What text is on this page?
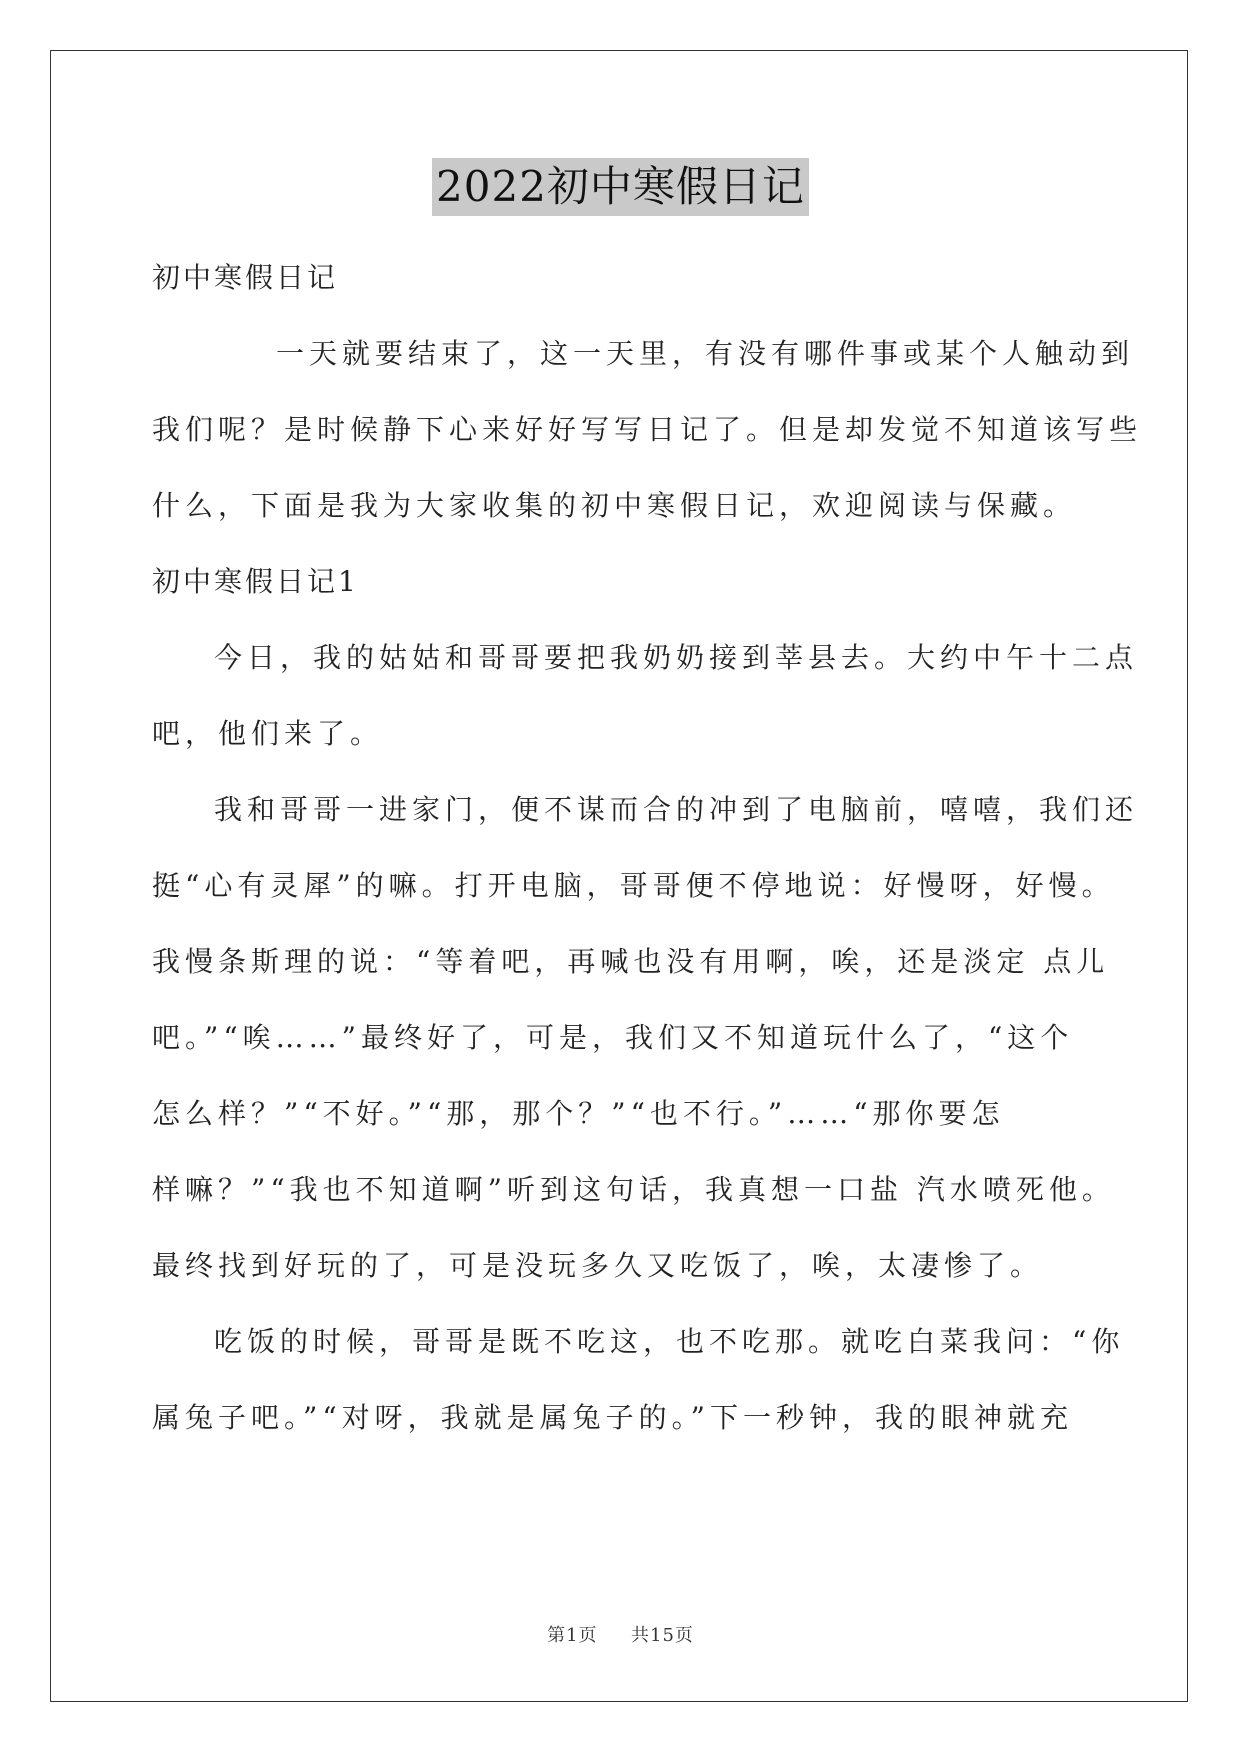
2022初中寒假日记
初中寒假日记
一天就要结束了，这一天里，有没有哪件事或某个人触动到
我们呢？是时候静下心来好好写写日记了。但是却发觉不知道该写些
什么，下面是我为大家收集的初中寒假日记，欢迎阅读与保藏。
初中寒假日记1
今日，我的姑姑和哥哥要把我奶奶接到莘县去。大约中午十二点
吧，他们来了。
我和哥哥一进家门，便不谋而合的冲到了电脑前，嘻嘻，我们还
挺“心有灵犀”的嘛。打开电脑，哥哥便不停地说：好慢呀，好慢。
我慢条斯理的说：“等着吧，再喊也没有用啊，唉，还是淡定 点儿
吧。”“唉……”最终好了，可是，我们又不知道玩什么了，“这个
怎么样？”“不好。”“那，那个？”“也不行。”……“那你要怎
样嘛？”“我也不知道啊”听到这句话，我真想一口盐 汽水喷死他。
最终找到好玩的了，可是没玩多久又吃饭了，唉，太凄惨了。
吃饭的时候，哥哥是既不吃这，也不吃那。就吃白菜我问：“你
属兔子吧。”“对呀，我就是属兔子的。”下一秒钟，我的眼神就充
第1页 共15页
